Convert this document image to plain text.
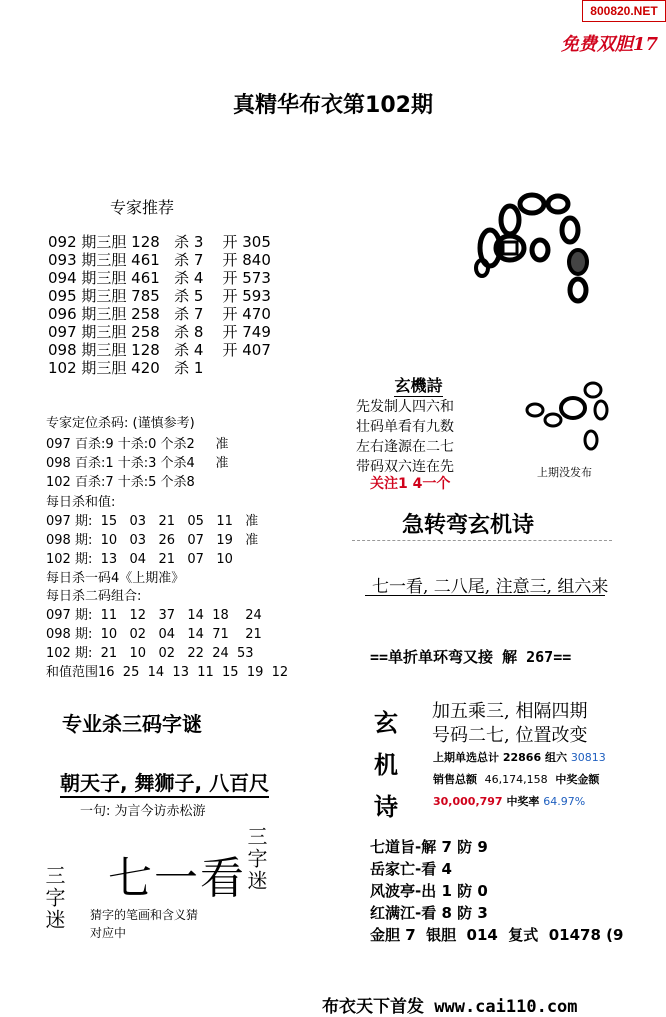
800820.NET
免费双胆17
真精华布衣第102期
专家推荐
092 期三胆 128   杀 3    开 305
093 期三胆 461   杀 7    开 840
094 期三胆 461   杀 4    开 573
095 期三胆 785   杀 5    开 593
096 期三胆 258   杀 7    开 470
097 期三胆 258   杀 8    开 749
098 期三胆 128   杀 4    开 407
102 期三胆 420   杀 1
专家定位杀码: (谨慎参考)
097 百杀:9 十杀:0 个杀2     准
098 百杀:1 十杀:3 个杀4     准
102 百杀:7 十杀:5 个杀8
每日杀和值:
097 期:  15   03   21   05   11   准
098 期:  10   03   26   07   19   准
102 期:  13   04   21   07   10
每日杀一码4《上期准》
每日杀二码组合:
097 期:  11   12   37   14  18    24
098 期:  10   02   04   14  71    21
102 期:  21   10   02   22  24  53
和值范围16  25  14  13  11  15  19  12
专业杀三码字谜
朝天子, 舞狮子, 八百尺
一句: 为言今访赤松游
三字迷
三字迷
七一看
猜字的笔画和含义猜
对应中
玄機詩
先发制人四六和
壮码单看有九数
左右逢源在二七
带码双六连在先
关注1 4一个
上期没发布
急转弯玄机诗
七一看, 二八尾, 注意三, 组六来
==单折单环弯又接 解 267==
玄
机
诗
加五乘三, 相隔四期
号码二七, 位置改变
上期单选总计 22866 组六 30813
销售总额 46,174,158 中奖金额
30,000,797 中奖率 64.97%
七道旨-解 7 防 9
岳家亡-看 4
风波亭-出 1 防 0
红满江-看 8 防 3
金胆 7  银胆  014  复式  01478 (9
布衣天下首发 www.cai110.com
